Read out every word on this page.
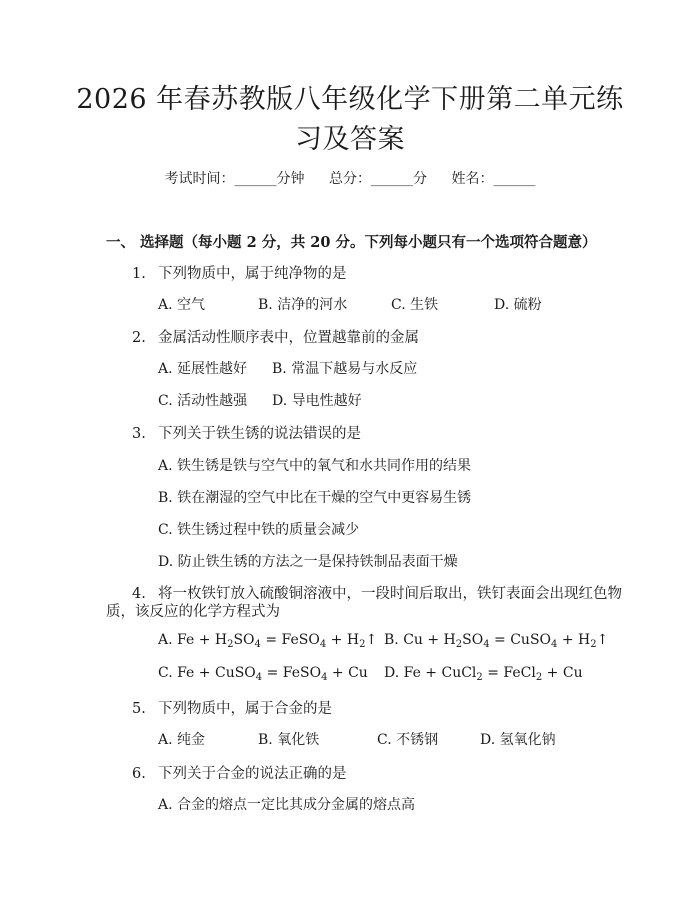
2026 年春苏教版八年级化学下册第二单元练
习及答案
考试时间：______分钟 总分：______分 姓名：______
一、 选择题（每小题 2 分，共 20 分。下列每小题只有一个选项符合题意）
1. 下列物质中，属于纯净物的是
A. 空气	B. 洁净的河水	C. 生铁	D. 硫粉
2. 金属活动性顺序表中，位置越靠前的金属
A. 延展性越好 B. 常温下越易与水反应
C. 活动性越强 D. 导电性越好
3. 下列关于铁生锈的说法错误的是
A. 铁生锈是铁与空气中的氧气和水共同作用的结果
B. 铁在潮湿的空气中比在干燥的空气中更容易生锈
C. 铁生锈过程中铁的质量会减少
D. 防止铁生锈的方法之一是保持铁制品表面干燥
4. 将一枚铁钉放入硫酸铜溶液中，一段时间后取出，铁钉表面会出现红色物
质，该反应的化学方程式为
A. $Fe + H_2SO_4$ = FeSO$_4$ + $H_2↑$ B. $Cu + H_2SO_4$ = CuSO$_4$ + $H_2↑$
C. Fe + CuSO$_4$ = FeSO$_4$ + Cu D. Fe + CuCl$_2$ = FeCl$_2$ + Cu
5. 下列物质中，属于合金的是
A. 纯金	B. 氧化铁	C. 不锈钢	D. 氢氧化钠
6. 下列关于合金的说法正确的是
A. 合金的熔点一定比其成分金属的熔点高
